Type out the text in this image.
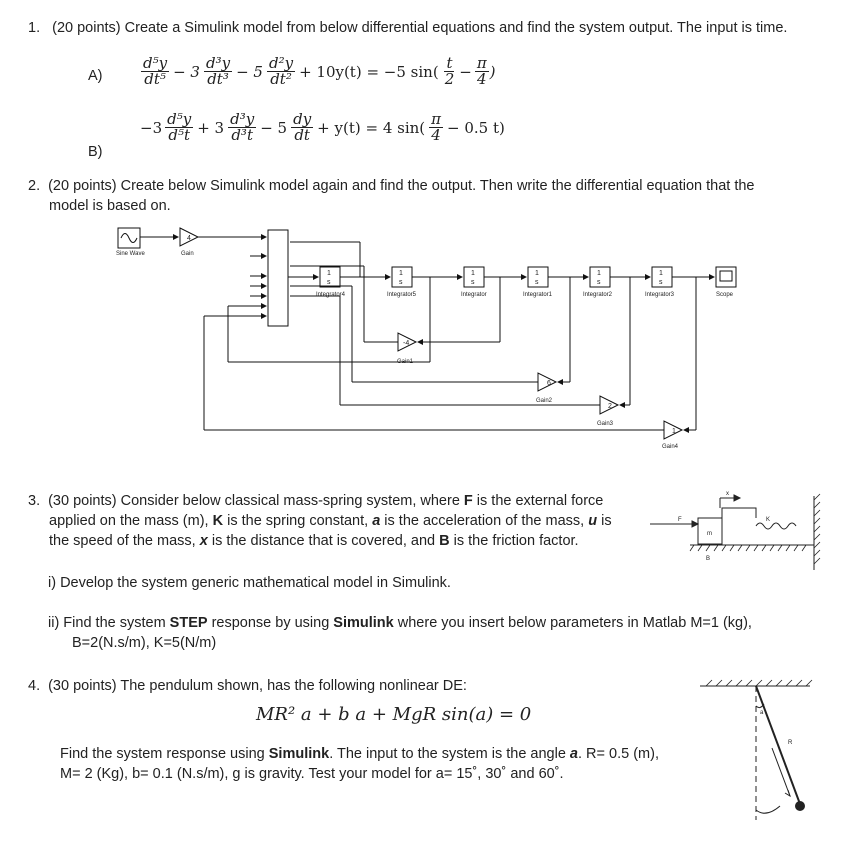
1. (20 points) Create a Simulink model from below differential equations and find the system output. The input is time.
A)	$\frac{\text{d⁵y}}{\text{dt⁵}} - 3 \frac{\text{d³y}}{\text{dt³}} - 5 \frac{\text{d²y}}{\text{dt²}} + 10y(t) = -5$ $\sin( \frac{t}{2} - \frac{\pi}{4}$ )
$-3 \frac{\text{d⁵y}}{\text{d⁵t}} + 3 \frac{\text{d³y}}{\text{d³t}} - 5 \frac{dy}{dt} + y(t) = 4$ $\sin( \frac{\pi}{4} - 0.5$ t)
B)
2. (20 points) Create below Simulink model again and find the output. Then write the differential equation that the
model is based on.
4
Sine Wave	Gain
1
s
1
s
1
s
1
s
1
s
1
s
Integrator4	Integrator5	Integrator	Integrator1	Integrator2	Integrator3	Scope
-4
Gain1
6
Gain2
2
Gain3
1
Gain4
3. (30 points) Consider below classical mass-spring system, where F is the external force
applied on the mass (m), K is the spring constant, a is the acceleration of the mass, u is
the speed of the mass, x is the distance that is covered, and B is the friction factor.
i) Develop the system generic mathematical model in Simulink.
ii) Find the system STEP response by using Simulink where you insert below parameters in Matlab M=1 (kg),
B=2(N.s/m), K=5(N/m)
x
F
m
K
B
4. (30 points) The pendulum shown, has the following nonlinear DE:
MR² a + b a + MgR sin(a) = 0
Find the system response using Simulink. The input to the system is the angle a. R= 0.5 (m),
M= 2 (Kg), b= 0.1 (N.s/m), g is gravity. Test your model for a= 15˚, 30˚ and 60˚.
a
R
